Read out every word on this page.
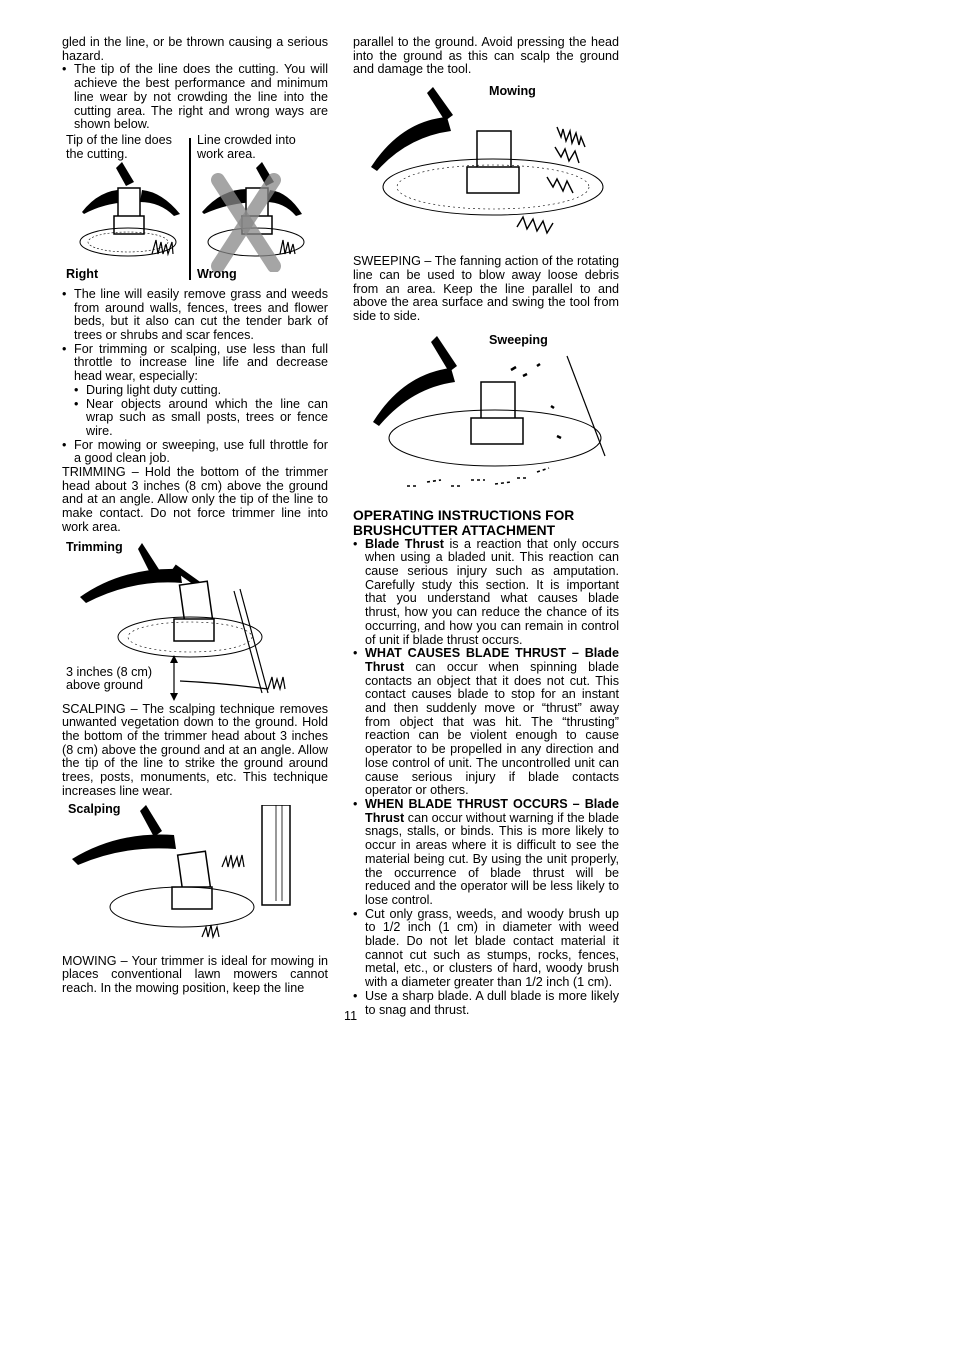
gled in the line, or be thrown causing a serious hazard.

• The tip of the line does the cutting. You will achieve the best performance and minimum line wear by not crowding the line into the cutting area. The right and wrong ways are shown below.
Tip of the line does the cutting.
Line crowded into work area.
Right	Wrong
• The line will easily remove grass and weeds from around walls, fences, trees and flower beds, but it also can cut the tender bark of trees or shrubs and scar fences.
• For trimming or scalping, use less than full throttle to increase line life and decrease head wear, especially:
• During light duty cutting.
• Near objects around which the line can wrap such as small posts, trees or fence wire.
• For mowing or sweeping, use full throttle for a good clean job.

TRIMMING – Hold the bottom of the trimmer head about 3 inches (8 cm) above the ground and at an angle. Allow only the tip of the line to make contact. Do not force trimmer line into work area.

Trimming
3 inches (8 cm) above ground

SCALPING – The scalping technique removes unwanted vegetation down to the ground. Hold the bottom of the trimmer head about 3 inches (8 cm) above the ground and at an angle. Allow the tip of the line to strike the ground around trees, posts, monuments, etc. This technique increases line wear.

Scalping

MOWING – Your trimmer is ideal for mowing in places conventional lawn mowers cannot reach. In the mowing position, keep the line

parallel to the ground. Avoid pressing the head into the ground as this can scalp the ground and damage the tool.

Mowing

SWEEPING – The fanning action of the rotating line can be used to blow away loose debris from an area. Keep the line parallel to and above the area surface and swing the tool from side to side.

Sweeping
OPERATING INSTRUCTIONS FOR BRUSHCUTTER ATTACHMENT
• Blade Thrust is a reaction that only occurs when using a bladed unit. This reaction can cause serious injury such as amputation. Carefully study this section. It is important that you understand what causes blade thrust, how you can reduce the chance of its occurring, and how you can remain in control of unit if blade thrust occurs.
• WHAT CAUSES BLADE THRUST – Blade Thrust can occur when spinning blade contacts an object that it does not cut. This contact causes blade to stop for an instant and then suddenly move or “thrust” away from object that was hit. The “thrusting” reaction can be violent enough to cause operator to be propelled in any direction and lose control of unit. The uncontrolled unit can cause serious injury if blade contacts operator or others.
• WHEN BLADE THRUST OCCURS – Blade Thrust can occur without warning if the blade snags, stalls, or binds. This is more likely to occur in areas where it is difficult to see the material being cut. By using the unit properly, the occurrence of blade thrust will be reduced and the operator will be less likely to lose control.
• Cut only grass, weeds, and woody brush up to 1/2 inch (1 cm) in diameter with weed blade. Do not let blade contact material it cannot cut such as stumps, rocks, fences, metal, etc., or clusters of hard, woody brush with a diameter greater than 1/2 inch (1 cm).
• Use a sharp blade. A dull blade is more likely to snag and thrust.
11
